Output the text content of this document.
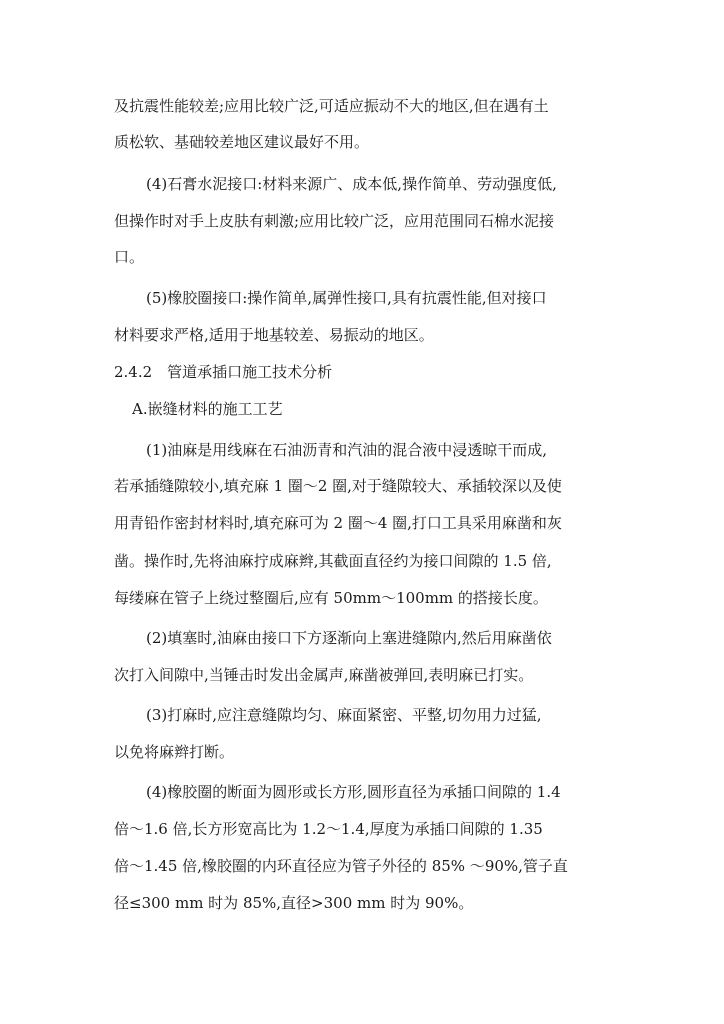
及抗震性能较差;应用比较广泛,可适应振动不大的地区,但在遇有土
质松软、基础较差地区建议最好不用。
(4)石膏水泥接口:材料来源广、成本低,操作简单、劳动强度低,
但操作时对手上皮肤有刺激;应用比较广泛，应用范围同石棉水泥接
口。
(5)橡胶圈接口:操作简单,属弹性接口,具有抗震性能,但对接口
材料要求严格,适用于地基较差、易振动的地区。
2.4.2　管道承插口施工技术分析
A.嵌缝材料的施工工艺
(1)油麻是用线麻在石油沥青和汽油的混合液中浸透晾干而成,
若承插缝隙较小,填充麻 1 圈～2 圈,对于缝隙较大、承插较深以及使
用青铅作密封材料时,填充麻可为 2 圈～4 圈,打口工具采用麻凿和灰
凿。操作时,先将油麻拧成麻辫,其截面直径约为接口间隙的 1.5 倍,
每缕麻在管子上绕过整圈后,应有 50mm～100mm 的搭接长度。
(2)填塞时,油麻由接口下方逐渐向上塞进缝隙内,然后用麻凿依
次打入间隙中,当锤击时发出金属声,麻凿被弹回,表明麻已打实。
(3)打麻时,应注意缝隙均匀、麻面紧密、平整,切勿用力过猛,
以免将麻辫打断。
(4)橡胶圈的断面为圆形或长方形,圆形直径为承插口间隙的 1.4
倍～1.6 倍,长方形宽高比为 1.2～1.4,厚度为承插口间隙的 1.35
倍～1.45 倍,橡胶圈的内环直径应为管子外径的 85% ～90%,管子直
径≤300 mm 时为 85%,直径>300 mm 时为 90%。
